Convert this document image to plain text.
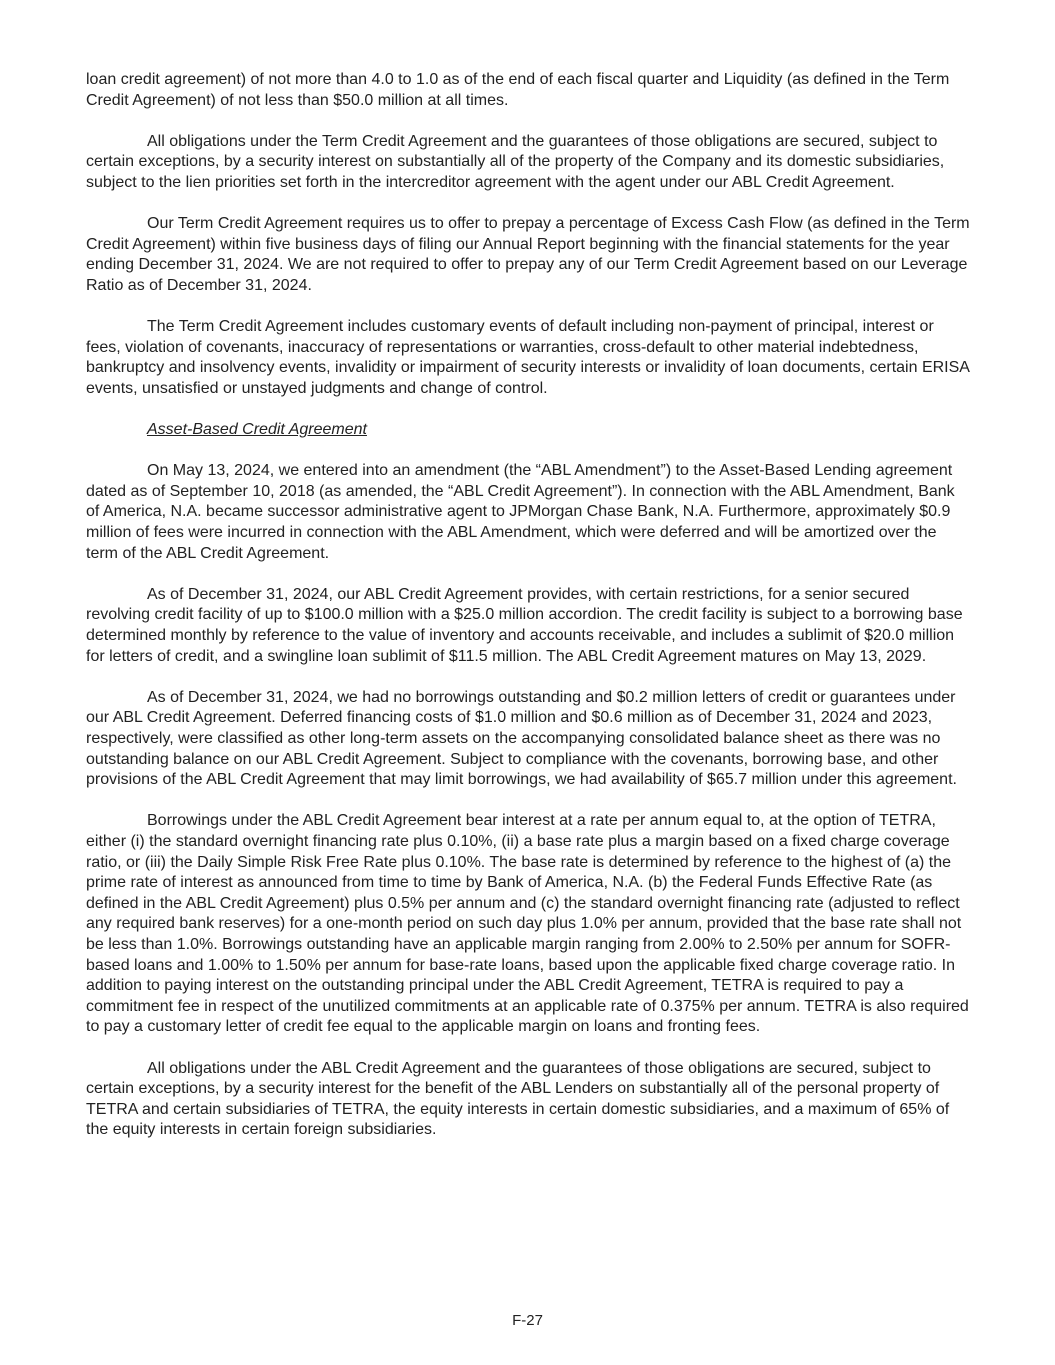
loan credit agreement) of not more than 4.0 to 1.0 as of the end of each fiscal quarter and Liquidity (as defined in the Term Credit Agreement) of not less than $50.0 million at all times.

All obligations under the Term Credit Agreement and the guarantees of those obligations are secured, subject to certain exceptions, by a security interest on substantially all of the property of the Company and its domestic subsidiaries, subject to the lien priorities set forth in the intercreditor agreement with the agent under our ABL Credit Agreement.

Our Term Credit Agreement requires us to offer to prepay a percentage of Excess Cash Flow (as defined in the Term Credit Agreement) within five business days of filing our Annual Report beginning with the financial statements for the year ending December 31, 2024. We are not required to offer to prepay any of our Term Credit Agreement based on our Leverage Ratio as of December 31, 2024.

The Term Credit Agreement includes customary events of default including non-payment of principal, interest or fees, violation of covenants, inaccuracy of representations or warranties, cross-default to other material indebtedness, bankruptcy and insolvency events, invalidity or impairment of security interests or invalidity of loan documents, certain ERISA events, unsatisfied or unstayed judgments and change of control.

Asset-Based Credit Agreement

On May 13, 2024, we entered into an amendment (the “ABL Amendment”) to the Asset-Based Lending agreement dated as of September 10, 2018 (as amended, the “ABL Credit Agreement”). In connection with the ABL Amendment, Bank of America, N.A. became successor administrative agent to JPMorgan Chase Bank, N.A. Furthermore, approximately $0.9 million of fees were incurred in connection with the ABL Amendment, which were deferred and will be amortized over the term of the ABL Credit Agreement.

As of December 31, 2024, our ABL Credit Agreement provides, with certain restrictions, for a senior secured revolving credit facility of up to $100.0 million with a $25.0 million accordion. The credit facility is subject to a borrowing base determined monthly by reference to the value of inventory and accounts receivable, and includes a sublimit of $20.0 million for letters of credit, and a swingline loan sublimit of $11.5 million. The ABL Credit Agreement matures on May 13, 2029.

As of December 31, 2024, we had no borrowings outstanding and $0.2 million letters of credit or guarantees under our ABL Credit Agreement. Deferred financing costs of $1.0 million and $0.6 million as of December 31, 2024 and 2023, respectively, were classified as other long-term assets on the accompanying consolidated balance sheet as there was no outstanding balance on our ABL Credit Agreement. Subject to compliance with the covenants, borrowing base, and other provisions of the ABL Credit Agreement that may limit borrowings, we had availability of $65.7 million under this agreement.

Borrowings under the ABL Credit Agreement bear interest at a rate per annum equal to, at the option of TETRA, either (i) the standard overnight financing rate plus 0.10%, (ii) a base rate plus a margin based on a fixed charge coverage ratio, or (iii) the Daily Simple Risk Free Rate plus 0.10%. The base rate is determined by reference to the highest of (a) the prime rate of interest as announced from time to time by Bank of America, N.A. (b) the Federal Funds Effective Rate (as defined in the ABL Credit Agreement) plus 0.5% per annum and (c) the standard overnight financing rate (adjusted to reflect any required bank reserves) for a one-month period on such day plus 1.0% per annum, provided that the base rate shall not be less than 1.0%. Borrowings outstanding have an applicable margin ranging from 2.00% to 2.50% per annum for SOFR-based loans and 1.00% to 1.50% per annum for base-rate loans, based upon the applicable fixed charge coverage ratio. In addition to paying interest on the outstanding principal under the ABL Credit Agreement, TETRA is required to pay a commitment fee in respect of the unutilized commitments at an applicable rate of 0.375% per annum. TETRA is also required to pay a customary letter of credit fee equal to the applicable margin on loans and fronting fees.

All obligations under the ABL Credit Agreement and the guarantees of those obligations are secured, subject to certain exceptions, by a security interest for the benefit of the ABL Lenders on substantially all of the personal property of TETRA and certain subsidiaries of TETRA, the equity interests in certain domestic subsidiaries, and a maximum of 65% of the equity interests in certain foreign subsidiaries.

F-27
